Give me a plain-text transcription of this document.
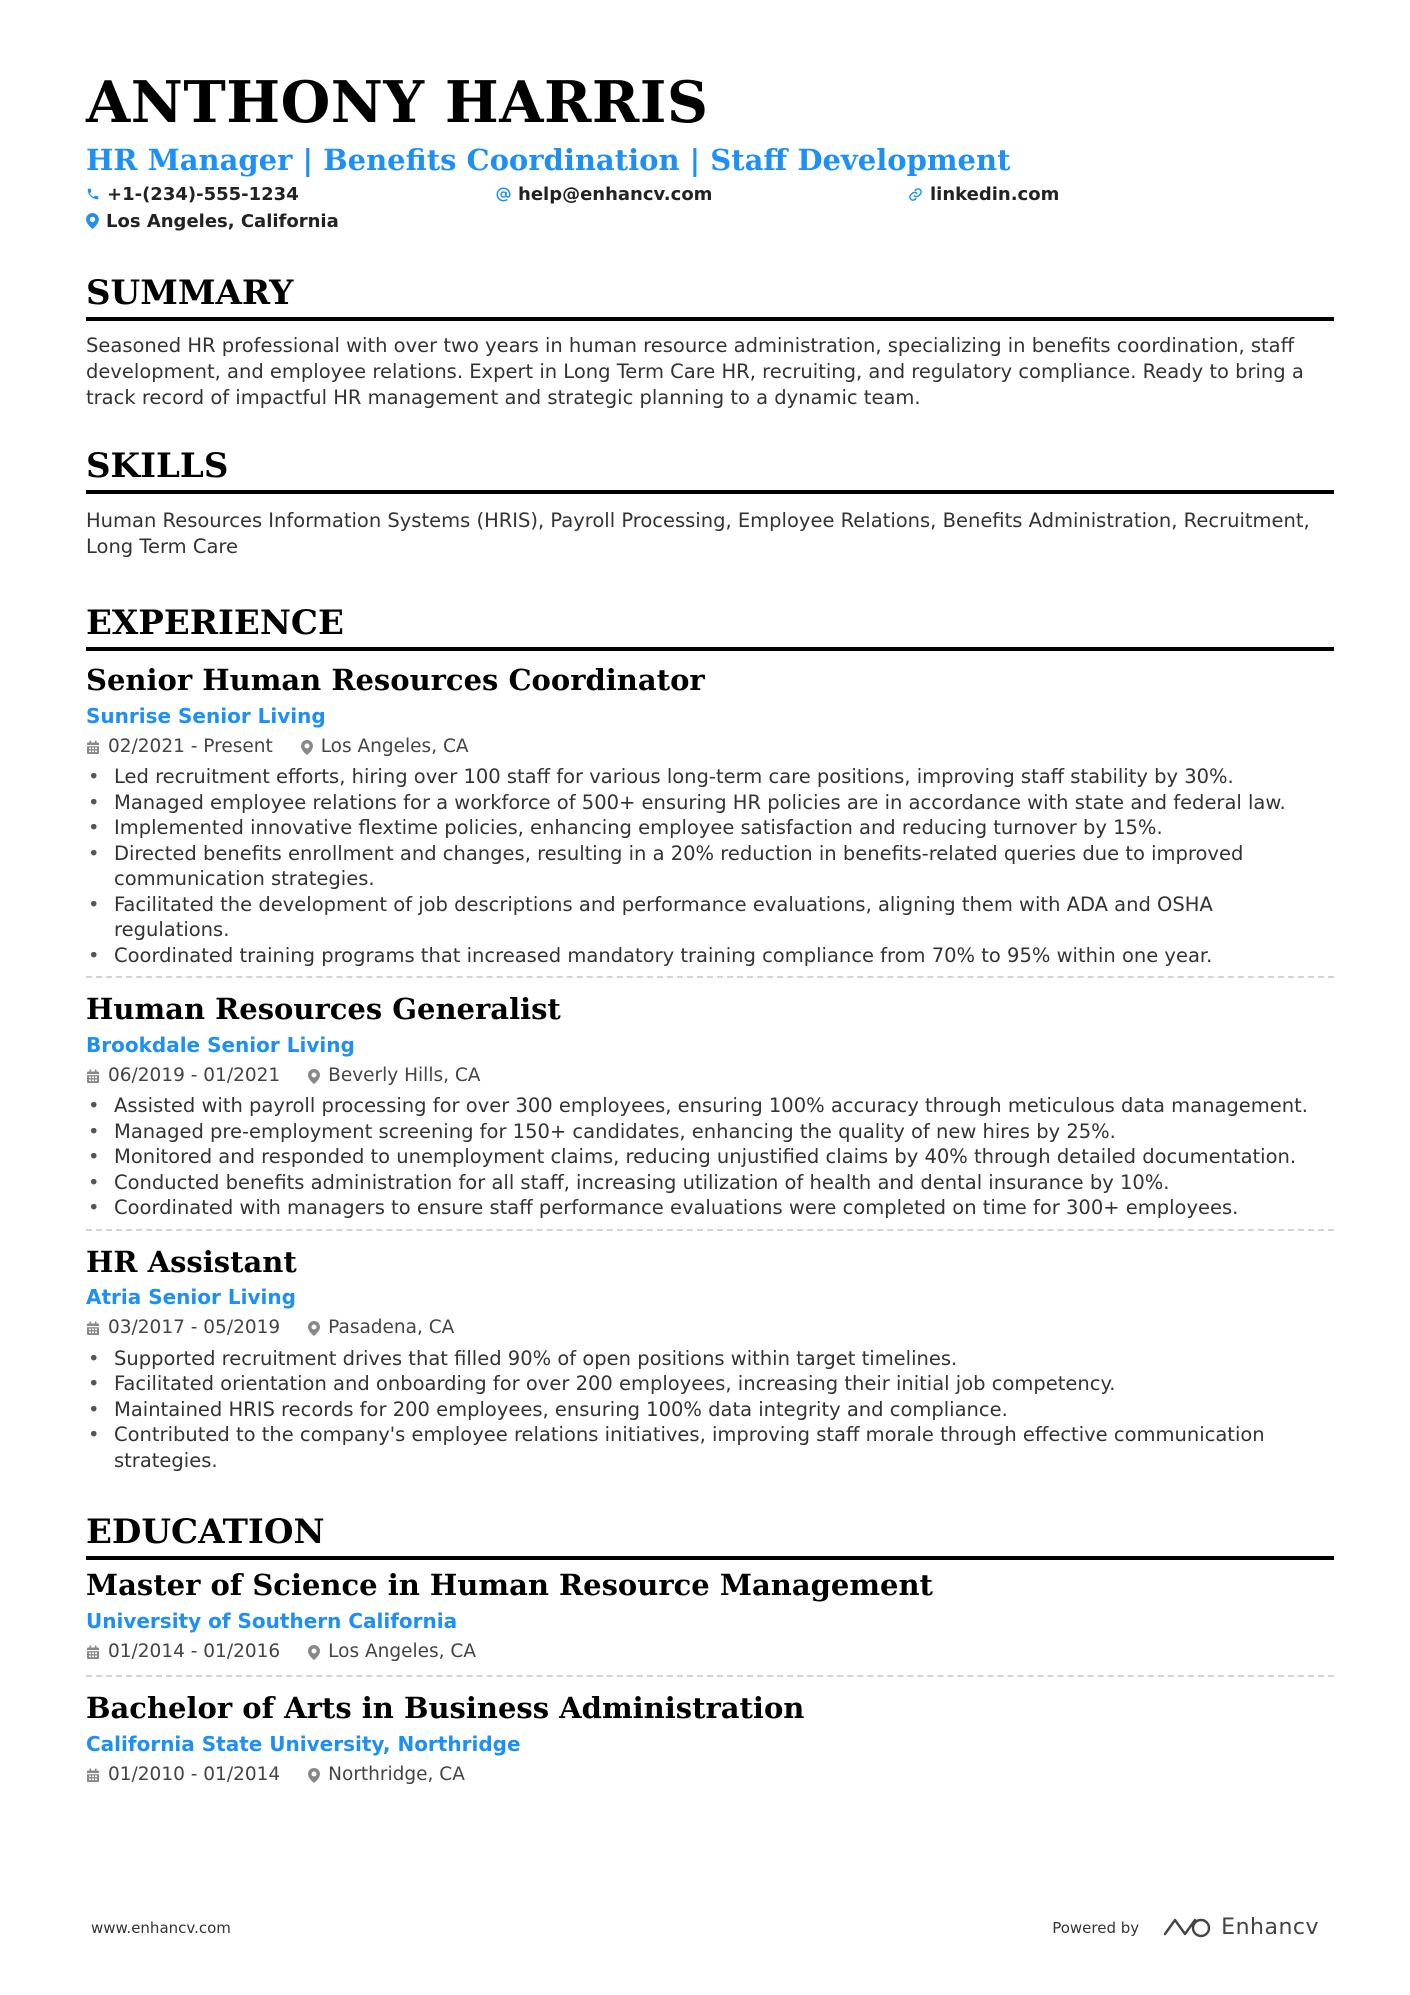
ANTHONY HARRIS
HR Manager | Benefits Coordination | Staff Development
+1-(234)-555-1234	help@enhancv.com	linkedin.com
Los Angeles, California
SUMMARY
Seasoned HR professional with over two years in human resource administration, specializing in benefits coordination, staff development, and employee relations. Expert in Long Term Care HR, recruiting, and regulatory compliance. Ready to bring a track record of impactful HR management and strategic planning to a dynamic team.
SKILLS
Human Resources Information Systems (HRIS), Payroll Processing, Employee Relations, Benefits Administration, Recruitment, Long Term Care
EXPERIENCE
Senior Human Resources Coordinator
Sunrise Senior Living
02/2021 - Present	Los Angeles, CA
• Led recruitment efforts, hiring over 100 staff for various long-term care positions, improving staff stability by 30%.
• Managed employee relations for a workforce of 500+ ensuring HR policies are in accordance with state and federal law.
• Implemented innovative flextime policies, enhancing employee satisfaction and reducing turnover by 15%.
• Directed benefits enrollment and changes, resulting in a 20% reduction in benefits-related queries due to improved communication strategies.
• Facilitated the development of job descriptions and performance evaluations, aligning them with ADA and OSHA regulations.
• Coordinated training programs that increased mandatory training compliance from 70% to 95% within one year.
Human Resources Generalist
Brookdale Senior Living
06/2019 - 01/2021	Beverly Hills, CA
• Assisted with payroll processing for over 300 employees, ensuring 100% accuracy through meticulous data management.
• Managed pre-employment screening for 150+ candidates, enhancing the quality of new hires by 25%.
• Monitored and responded to unemployment claims, reducing unjustified claims by 40% through detailed documentation.
• Conducted benefits administration for all staff, increasing utilization of health and dental insurance by 10%.
• Coordinated with managers to ensure staff performance evaluations were completed on time for 300+ employees.
HR Assistant
Atria Senior Living
03/2017 - 05/2019	Pasadena, CA
• Supported recruitment drives that filled 90% of open positions within target timelines.
• Facilitated orientation and onboarding for over 200 employees, increasing their initial job competency.
• Maintained HRIS records for 200 employees, ensuring 100% data integrity and compliance.
• Contributed to the company's employee relations initiatives, improving staff morale through effective communication strategies.
EDUCATION
Master of Science in Human Resource Management
University of Southern California
01/2014 - 01/2016	Los Angeles, CA
Bachelor of Arts in Business Administration
California State University, Northridge
01/2010 - 01/2014	Northridge, CA
www.enhancv.com	Powered by	Enhancv
